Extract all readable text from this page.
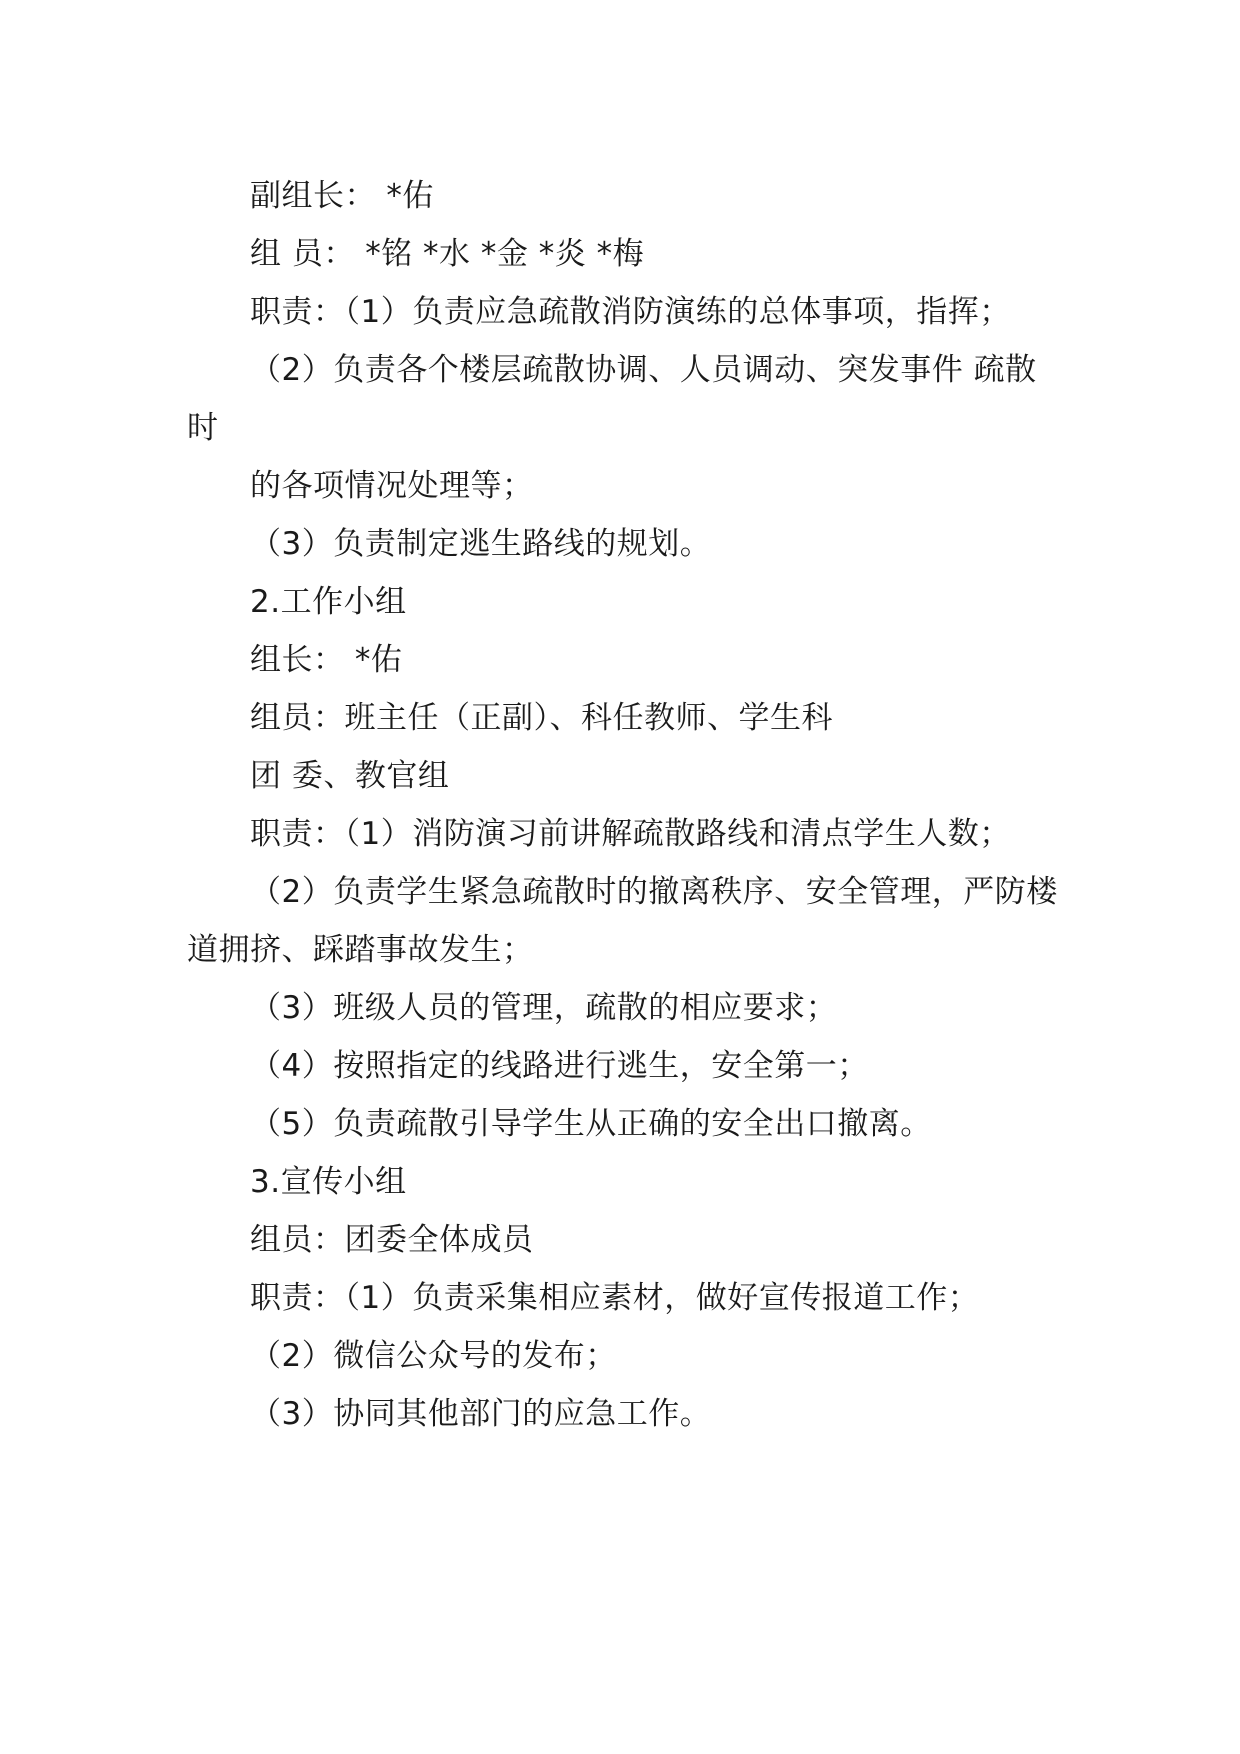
副组长： *佑
组 员： *铭 *水 *金 *炎 *梅
职责：（1）负责应急疏散消防演练的总体事项，指挥；
（2）负责各个楼层疏散协调、人员调动、突发事件 疏散
时
的各项情况处理等；
（3）负责制定逃生路线的规划。
2.工作小组
组长： *佑
组员：班主任（正副）、科任教师、学生科
团 委、教官组
职责：（1）消防演习前讲解疏散路线和清点学生人数；
（2）负责学生紧急疏散时的撤离秩序、安全管理，严防楼
道拥挤、踩踏事故发生；
（3）班级人员的管理，疏散的相应要求；
（4）按照指定的线路进行逃生，安全第一；
（5）负责疏散引导学生从正确的安全出口撤离。
3.宣传小组
组员：团委全体成员
职责：（1）负责采集相应素材，做好宣传报道工作；
（2）微信公众号的发布；
（3）协同其他部门的应急工作。
